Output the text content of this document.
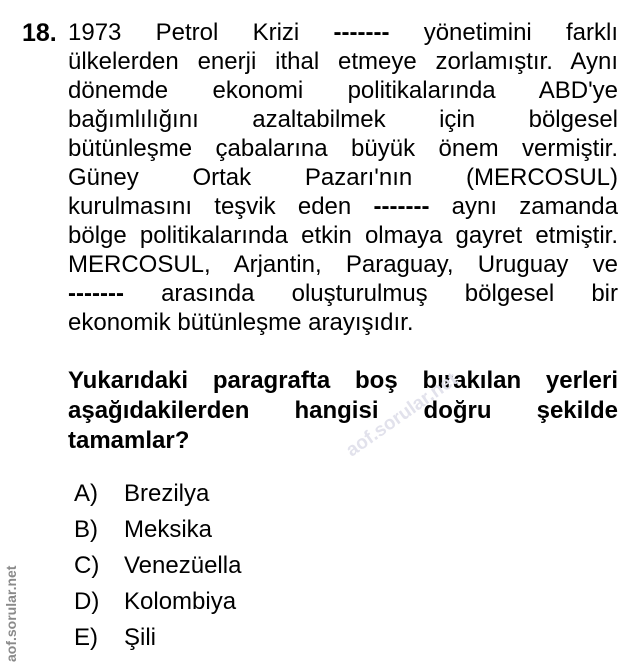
18. 1973 Petrol Krizi ------- yönetimini farklı
ülkelerden enerji ithal etmeye zorlamıştır. Aynı
dönemde ekonomi politikalarında ABD'ye
bağımlılığını azaltabilmek için bölgesel
bütünleşme çabalarına büyük önem vermiştir.
Güney Ortak Pazarı'nın (MERCOSUL)
kurulmasını teşvik eden ------- aynı zamanda
bölge politikalarında etkin olmaya gayret etmiştir.
MERCOSUL, Arjantin, Paraguay, Uruguay ve
------- arasında oluşturulmuş bölgesel bir
ekonomik bütünleşme arayışıdır.
Yukarıdaki paragrafta boş bırakılan yerleri
aşağıdakilerden hangisi doğru şekilde
tamamlar?	aof.sorular.net
A)	Brezilya
B)	Meksika
C)	Venezüella
D)	Kolombiya
E)	Şili
aof.sorular.net
